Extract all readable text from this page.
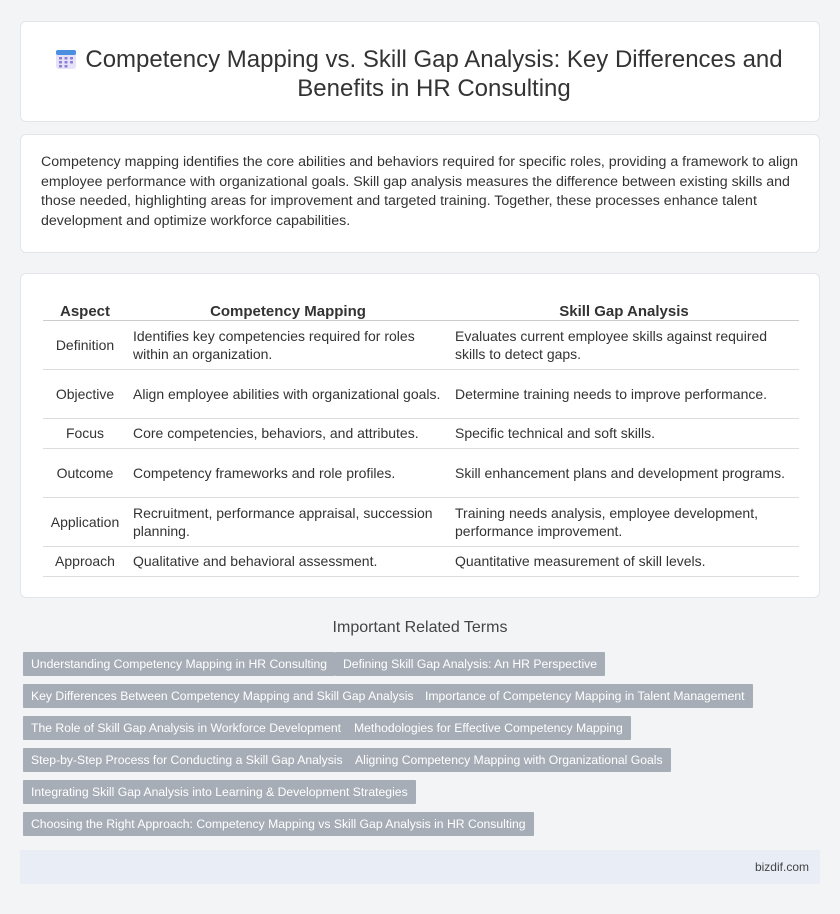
Competency Mapping vs. Skill Gap Analysis: Key Differences and Benefits in HR Consulting

Competency mapping identifies the core abilities and behaviors required for specific roles, providing a framework to align employee performance with organizational goals. Skill gap analysis measures the difference between existing skills and those needed, highlighting areas for improvement and targeted training. Together, these processes enhance talent development and optimize workforce capabilities.

Aspect	Competency Mapping	Skill Gap Analysis
Definition	Identifies key competencies required for roles within an organization.	Evaluates current employee skills against required skills to detect gaps.
Objective	Align employee abilities with organizational goals.	Determine training needs to improve performance.
Focus	Core competencies, behaviors, and attributes.	Specific technical and soft skills.
Outcome	Competency frameworks and role profiles.	Skill enhancement plans and development programs.
Application	Recruitment, performance appraisal, succession planning.	Training needs analysis, employee development, performance improvement.
Approach	Qualitative and behavioral assessment.	Quantitative measurement of skill levels.
Important Related Terms
Understanding Competency Mapping in HR Consulting	Defining Skill Gap Analysis: An HR Perspective
Key Differences Between Competency Mapping and Skill Gap Analysis Importance of Competency Mapping in Talent Management
The Role of Skill Gap Analysis in Workforce Development	Methodologies for Effective Competency Mapping
Step-by-Step Process for Conducting a Skill Gap Analysis	Aligning Competency Mapping with Organizational Goals
Integrating Skill Gap Analysis into Learning & Development Strategies
Choosing the Right Approach: Competency Mapping vs Skill Gap Analysis in HR Consulting
bizdif.com
